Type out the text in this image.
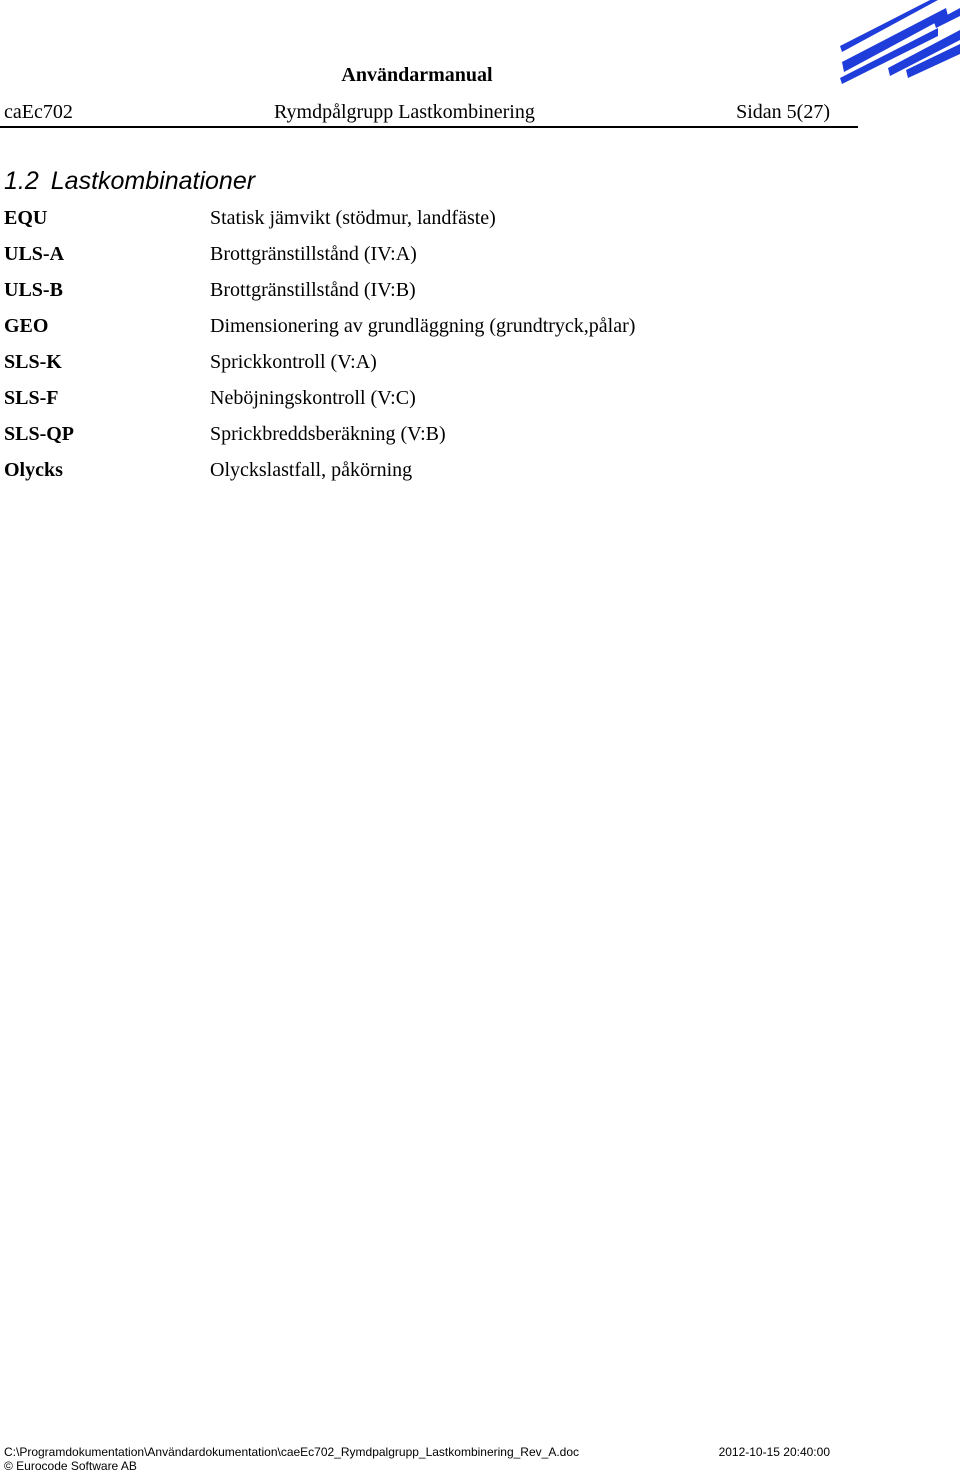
Användarmanual
caEc702	Rymdpålgrupp Lastkombinering	Sidan 5(27)
1.2 Lastkombinationer
EQU	Statisk jämvikt (stödmur, landfäste)
ULS-A	Brottgränstillstånd (IV:A)
ULS-B	Brottgränstillstånd (IV:B)
GEO	Dimensionering av grundläggning (grundtryck,pålar)
SLS-K	Sprickkontroll (V:A)
SLS-F	Neböjningskontroll (V:C)
SLS-QP	Sprickbreddsberäkning (V:B)
Olycks	Olyckslastfall, påkörning
C:\Programdokumentation\Användardokumentation\caeEc702_Rymdpalgrupp_Lastkombinering_Rev_A.doc	2012-10-15 20:40:00
© Eurocode Software AB
